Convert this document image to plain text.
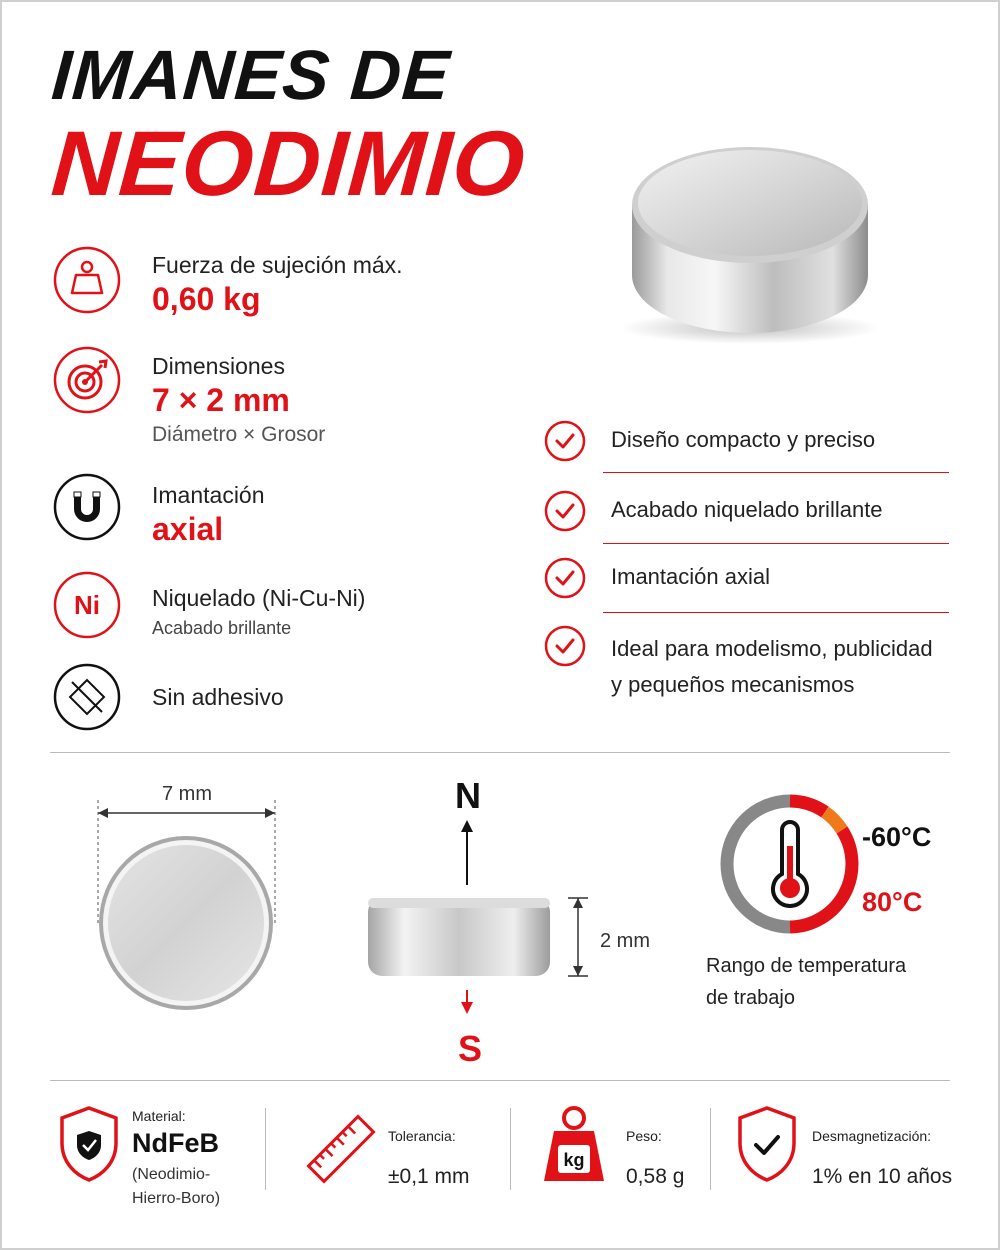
IMANES DE
NEODIMIO
Fuerza de sujeción máx.
0,60 kg
Dimensiones
7 × 2 mm
Diámetro × Grosor
Imantación
axial
Ni Niquelado (Ni-Cu-Ni)
Acabado brillante
Sin adhesivo
Diseño compacto y preciso
Acabado niquelado brillante
Imantación axial
Ideal para modelismo, publicidad
y pequeños mecanismos
7 mm	N
2 mm
S
-60°C
80°C
Rango de temperatura
de trabajo
Material:
NdFeB
(Neodimio-
Hierro-Boro)
Tolerancia:
±0,1 mm
kg
Peso:
0,58 g
Desmagnetización:
1% en 10 años
